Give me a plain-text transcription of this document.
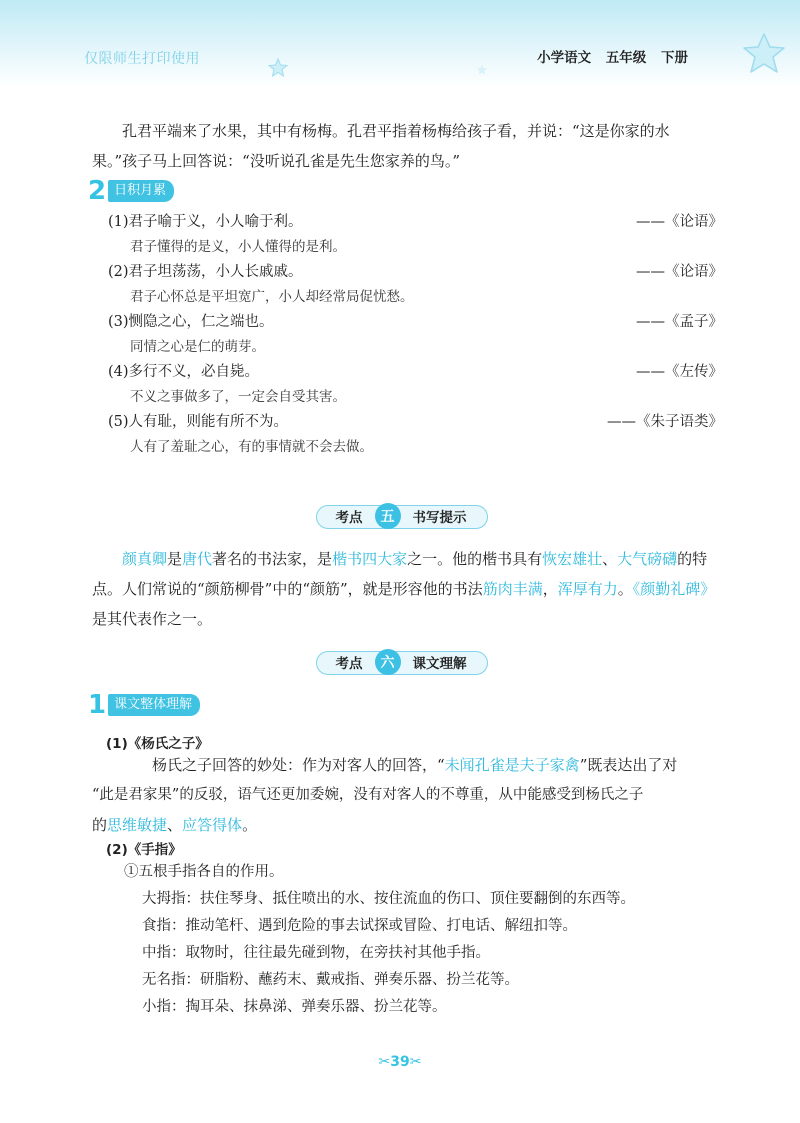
仅限师生打印使用	小学语文 五年级 下册
孔君平端来了水果，其中有杨梅。孔君平指着杨梅给孩子看，并说：“这是你家的水
果。”孩子马上回答说：“没听说孔雀是先生您家养的鸟。”
2 日积月累
(1)君子喻于义，小人喻于利。	——《论语》
君子懂得的是义，小人懂得的是利。
(2)君子坦荡荡，小人长戚戚。	——《论语》
君子心怀总是平坦宽广，小人却经常局促忧愁。
(3)恻隐之心，仁之端也。	——《孟子》
同情之心是仁的萌芽。
(4)多行不义，必自毙。	——《左传》
不义之事做多了，一定会自受其害。
(5)人有耻，则能有所不为。	——《朱子语类》
人有了羞耻之心，有的事情就不会去做。
考点	五	书写提示
颜真卿是唐代著名的书法家，是楷书四大家之一。他的楷书具有恢宏雄壮、大气磅礴的特
点。人们常说的“颜筋柳骨”中的“颜筋”，就是形容他的书法筋肉丰满，浑厚有力。《颜勤礼碑》
是其代表作之一。
考点	六	课文理解
1 课文整体理解
(1)《杨氏之子》
杨氏之子回答的妙处：作为对客人的回答，“未闻孔雀是夫子家禽”既表达出了对
“此是君家果”的反驳，语气还更加委婉，没有对客人的不尊重，从中能感受到杨氏之子
的思维敏捷、应答得体。
(2)《手指》
①五根手指各自的作用。
大拇指：扶住琴身、抵住喷出的水、按住流血的伤口、顶住要翻倒的东西等。
食指：推动笔杆、遇到危险的事去试探或冒险、打电话、解纽扣等。
中指：取物时，往往最先碰到物，在旁扶衬其他手指。
无名指：研脂粉、蘸药末、戴戒指、弹奏乐器、扮兰花等。
小指：掏耳朵、抹鼻涕、弹奏乐器、扮兰花等。
✂39✂
